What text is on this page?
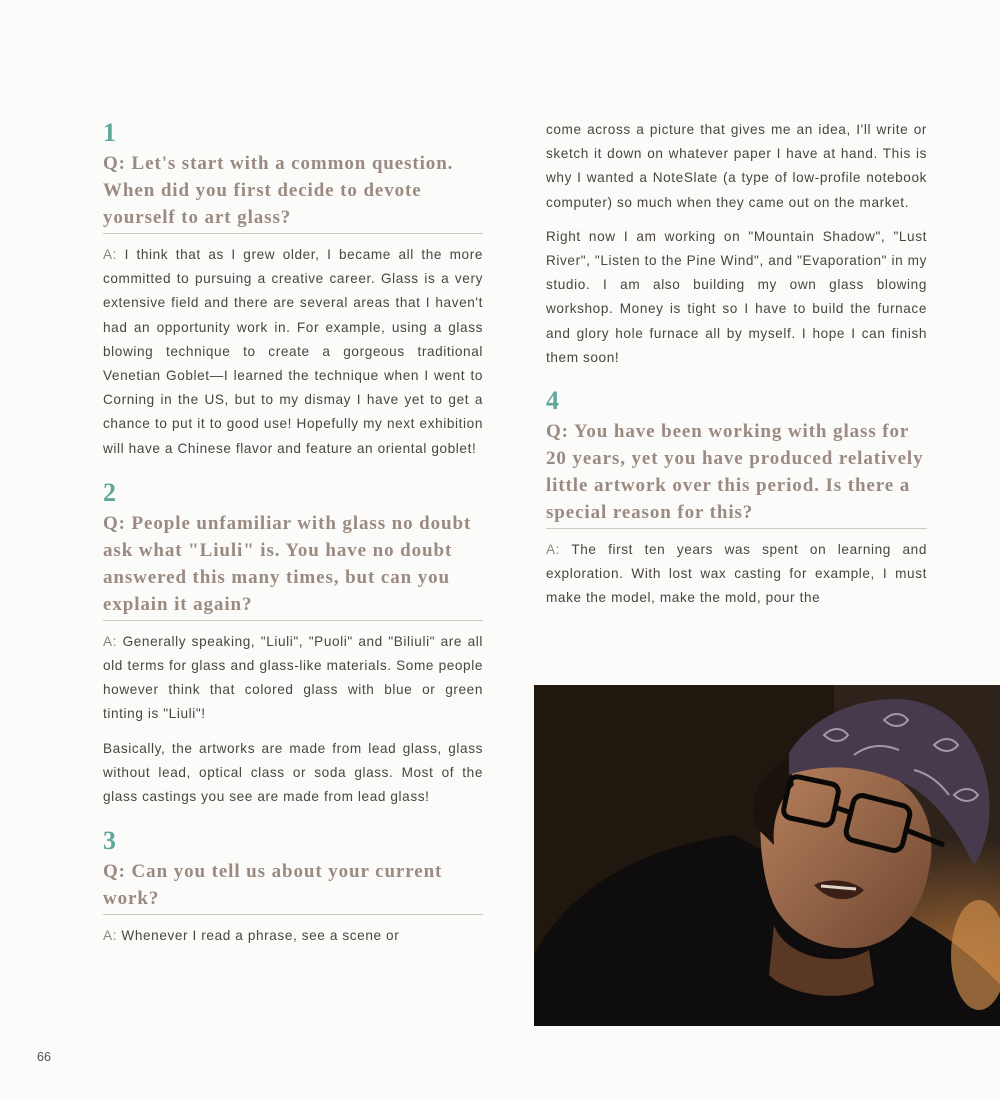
1
Q: Let's start with a common question. When did you first decide to devote yourself to art glass?

A: I think that as I grew older, I became all the more committed to pursuing a creative career. Glass is a very extensive field and there are several areas that I haven't had an opportunity work in. For example, using a glass blowing technique to create a gorgeous traditional Venetian Goblet—I learned the technique when I went to Corning in the US, but to my dismay I have yet to get a chance to put it to good use! Hopefully my next exhibition will have a Chinese flavor and feature an oriental goblet!

2
Q: People unfamiliar with glass no doubt ask what "Liuli" is. You have no doubt answered this many times, but can you explain it again?

A: Generally speaking, "Liuli", "Puoli" and "Biliuli" are all old terms for glass and glass-like materials. Some people however think that colored glass with blue or green tinting is "Liuli"!

Basically, the artworks are made from lead glass, glass without lead, optical class or soda glass. Most of the glass castings you see are made from lead glass!

3
Q: Can you tell us about your current work?

A: Whenever I read a phrase, see a scene or

come across a picture that gives me an idea, I'll write or sketch it down on whatever paper I have at hand. This is why I wanted a NoteSlate (a type of low-profile notebook computer) so much when they came out on the market.

Right now I am working on "Mountain Shadow", "Lust River", "Listen to the Pine Wind", and "Evaporation" in my studio. I am also building my own glass blowing workshop. Money is tight so I have to build the furnace and glory hole furnace all by myself. I hope I can finish them soon!

4
Q: You have been working with glass for 20 years, yet you have produced relatively little artwork over this period. Is there a special reason for this?

A: The first ten years was spent on learning and exploration. With lost wax casting for example, I must make the model, make the mold, pour the

66
